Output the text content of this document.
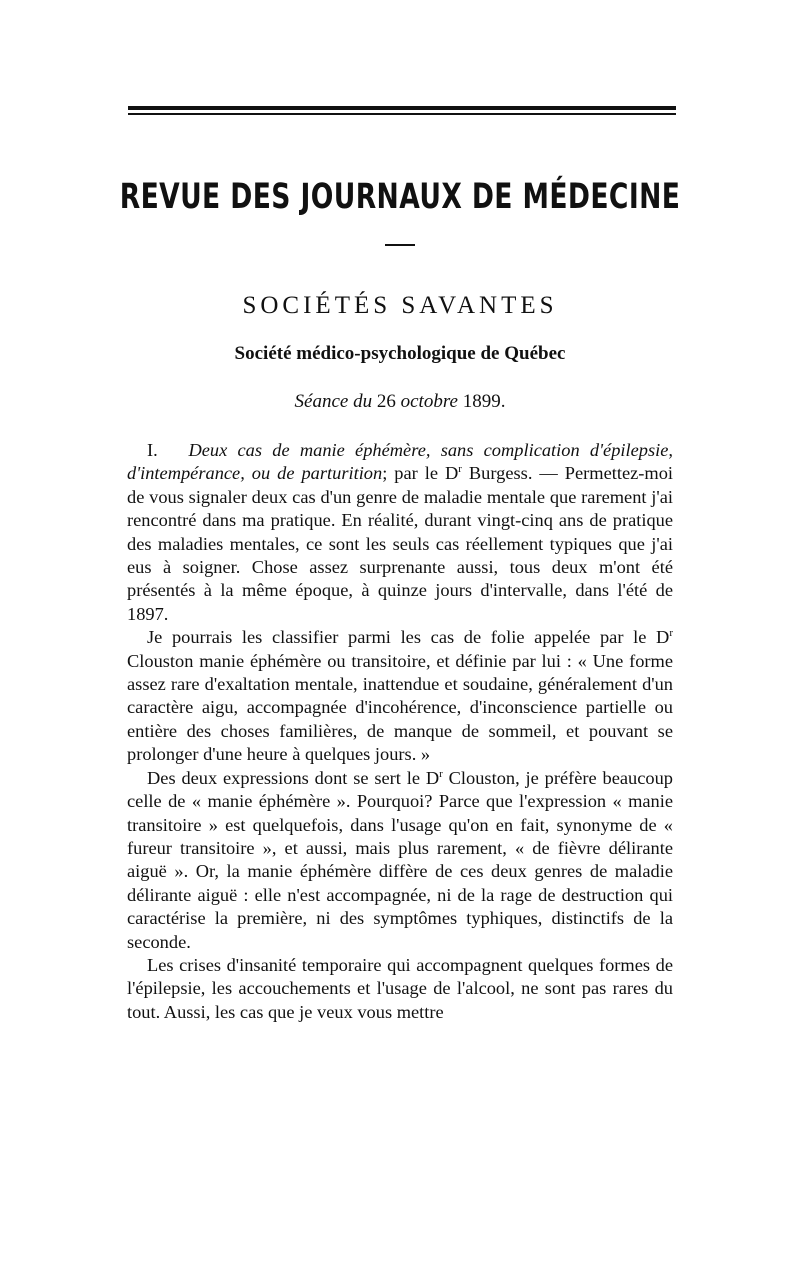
REVUE DES JOURNAUX DE MÉDECINE
SOCIÉTÉS SAVANTES
Société médico-psychologique de Québec
Séance du 26 octobre 1899.

I. Deux cas de manie éphémère, sans complication d'épilepsie, d'intempérance, ou de parturition; par le $D^r$ Burgess. — Permettez-moi de vous signaler deux cas d'un genre de maladie mentale que rarement j'ai rencontré dans ma pratique. En réalité, durant vingt-cinq ans de pratique des maladies mentales, ce sont les seuls cas réellement typiques que j'ai eus à soigner. Chose assez surprenante aussi, tous deux m'ont été présentés à la même époque, à quinze jours d'intervalle, dans l'été de 1897.

Je pourrais les classifier parmi les cas de folie appelée par le $D^r$ Clouston manie éphémère ou transitoire, et définie par lui : « Une forme assez rare d'exaltation mentale, inattendue et soudaine, généralement d'un caractère aigu, accompagnée d'incohérence, d'inconscience partielle ou entière des choses familières, de manque de sommeil, et pouvant se prolonger d'une heure à quelques jours. »

Des deux expressions dont se sert le $D^r$ Clouston, je préfère beaucoup celle de « manie éphémère ». Pourquoi? Parce que l'expression « manie transitoire » est quelquefois, dans l'usage qu'on en fait, synonyme de « fureur transitoire », et aussi, mais plus rarement, « de fièvre délirante aiguë ». Or, la manie éphémère diffère de ces deux genres de maladie délirante aiguë : elle n'est accompagnée, ni de la rage de destruction qui caractérise la première, ni des symptômes typhiques, distinctifs de la seconde.

Les crises d'insanité temporaire qui accompagnent quelques formes de l'épilepsie, les accouchements et l'usage de l'alcool, ne sont pas rares du tout. Aussi, les cas que je veux vous mettre
